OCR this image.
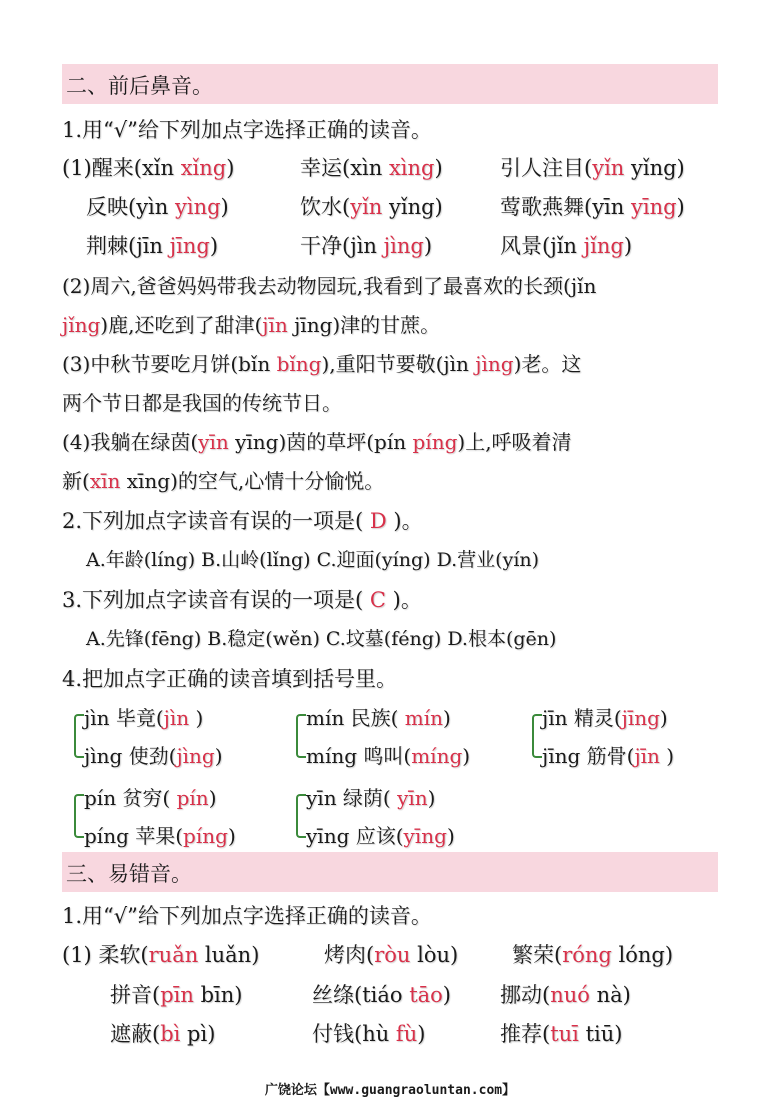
二、前后鼻音。
1.用“√”给下列加点字选择正确的读音。
(1)醒来(xǐn xǐng)	幸运(xìn xìng)	引人注目(yǐn yǐng)
反映(yìn yìng)	饮水(yǐn yǐng)	莺歌燕舞(yīn yīng)
荆棘(jīn jīng)	干净(jìn jìng)	风景(jǐn jǐng)
(2)周六,爸爸妈妈带我去动物园玩,我看到了最喜欢的长颈(jǐn
jǐng)鹿,还吃到了甜津(jīn jīng)津的甘蔗。
(3)中秋节要吃月饼(bǐn bǐng),重阳节要敬(jìn jìng)老。这
两个节日都是我国的传统节日。
(4)我躺在绿茵(yīn yīng)茵的草坪(pín píng)上,呼吸着清
新(xīn xīng)的空气,心情十分愉悦。
2.下列加点字读音有误的一项是( D )。
A.年龄(líng) B.山岭(lǐng) C.迎面(yíng) D.营业(yín)
3.下列加点字读音有误的一项是( C )。
A.先锋(fēng) B.稳定(wěn) C.坟墓(féng) D.根本(gēn)
4.把加点字正确的读音填到括号里。
jìn 毕竟(jìn )
jìng 使劲(jìng)
mín 民族( mín)
míng 鸣叫(míng)
jīn 精灵(jīng)
jīng 筋骨(jīn )
pín 贫穷( pín)
píng 苹果(píng)
yīn 绿荫( yīn)
yīng 应该(yīng)
三、易错音。
1.用“√”给下列加点字选择正确的读音。
(1) 柔软(ruǎn luǎn)	烤肉(ròu lòu)	繁荣(róng lóng)
拼音(pīn bīn)	丝绦(tiáo tāo) 挪动(nuó nà)
遮蔽(bì pì)	付钱(hù fù)	推荐(tuī tiū)
广饶论坛【www.guangraoluntan.com】
